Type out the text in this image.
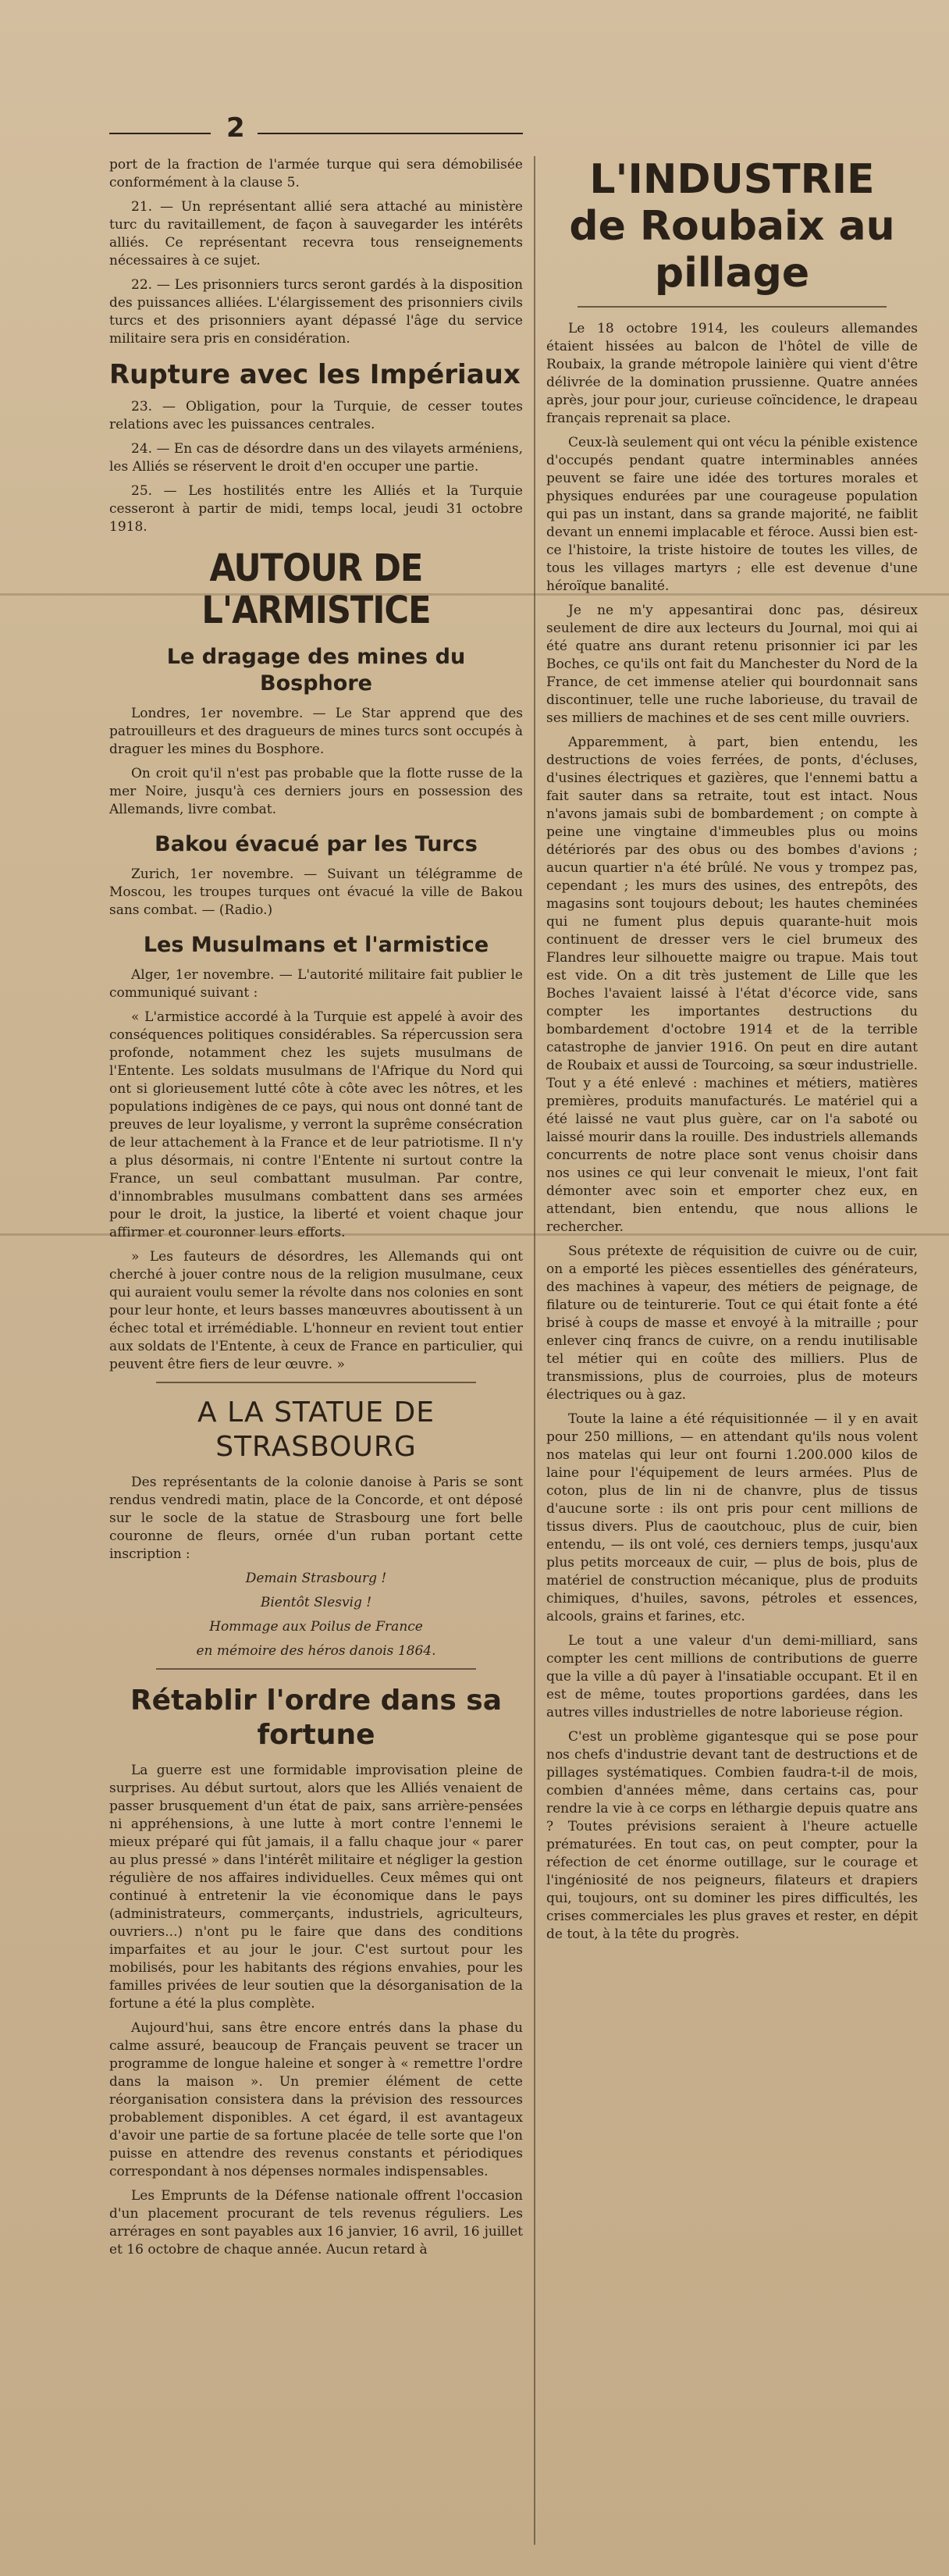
2

port de la fraction de l'armée turque qui sera démobilisée conformément à la clause 5.

21. — Un représentant allié sera attaché au ministère turc du ravitaillement, de façon à sauvegarder les intérêts alliés. Ce représentant recevra tous renseignements nécessaires à ce sujet.

22. — Les prisonniers turcs seront gardés à la disposition des puissances alliées. L'élargissement des prisonniers civils turcs et des prisonniers ayant dépassé l'âge du service militaire sera pris en considération.

Rupture avec les Impériaux

23. — Obligation, pour la Turquie, de cesser toutes relations avec les puissances centrales.

24. — En cas de désordre dans un des vilayets arméniens, les Alliés se réservent le droit d'en occuper une partie.

25. — Les hostilités entre les Alliés et la Turquie cesseront à partir de midi, temps local, jeudi 31 octobre 1918.

AUTOUR DE L'ARMISTICE
Le dragage des mines du Bosphore

Londres, 1er novembre. — Le Star apprend que des patrouilleurs et des dragueurs de mines turcs sont occupés à draguer les mines du Bosphore.

On croit qu'il n'est pas probable que la flotte russe de la mer Noire, jusqu'à ces derniers jours en possession des Allemands, livre combat.

Bakou évacué par les Turcs

Zurich, 1er novembre. — Suivant un télégramme de Moscou, les troupes turques ont évacué la ville de Bakou sans combat. — (Radio.)

Les Musulmans et l'armistice

Alger, 1er novembre. — L'autorité militaire fait publier le communiqué suivant :

« L'armistice accordé à la Turquie est appelé à avoir des conséquences politiques considérables. Sa répercussion sera profonde, notamment chez les sujets musulmans de l'Entente. Les soldats musulmans de l'Afrique du Nord qui ont si glorieusement lutté côte à côte avec les nôtres, et les populations indigènes de ce pays, qui nous ont donné tant de preuves de leur loyalisme, y verront la suprême consécration de leur attachement à la France et de leur patriotisme. Il n'y a plus désormais, ni contre l'Entente ni surtout contre la France, un seul combattant musulman. Par contre, d'innombrables musulmans combattent dans ses armées pour le droit, la justice, la liberté et voient chaque jour affirmer et couronner leurs efforts.

» Les fauteurs de désordres, les Allemands qui ont cherché à jouer contre nous de la religion musulmane, ceux qui auraient voulu semer la révolte dans nos colonies en sont pour leur honte, et leurs basses manœuvres aboutissent à un échec total et irrémédiable. L'honneur en revient tout entier aux soldats de l'Entente, à ceux de France en particulier, qui peuvent être fiers de leur œuvre. »

A LA STATUE DE STRASBOURG

Des représentants de la colonie danoise à Paris se sont rendus vendredi matin, place de la Concorde, et ont déposé sur le socle de la statue de Strasbourg une fort belle couronne de fleurs, ornée d'un ruban portant cette inscription :

Demain Strasbourg !

Bientôt Slesvig !

Hommage aux Poilus de France

en mémoire des héros danois 1864.

Rétablir l'ordre dans sa fortune

La guerre est une formidable improvisation pleine de surprises. Au début surtout, alors que les Alliés venaient de passer brusquement d'un état de paix, sans arrière-pensées ni appréhensions, à une lutte à mort contre l'ennemi le mieux préparé qui fût jamais, il a fallu chaque jour « parer au plus pressé » dans l'intérêt militaire et négliger la gestion régulière de nos affaires individuelles. Ceux mêmes qui ont continué à entretenir la vie économique dans le pays (administrateurs, commerçants, industriels, agriculteurs, ouvriers...) n'ont pu le faire que dans des conditions imparfaites et au jour le jour. C'est surtout pour les mobilisés, pour les habitants des régions envahies, pour les familles privées de leur soutien que la désorganisation de la fortune a été la plus complète.

Aujourd'hui, sans être encore entrés dans la phase du calme assuré, beaucoup de Français peuvent se tracer un programme de longue haleine et songer à « remettre l'ordre dans la maison ». Un premier élément de cette réorganisation consistera dans la prévision des ressources probablement disponibles. A cet égard, il est avantageux d'avoir une partie de sa fortune placée de telle sorte que l'on puisse en attendre des revenus constants et périodiques correspondant à nos dépenses normales indispensables.

Les Emprunts de la Défense nationale offrent l'occasion d'un placement procurant de tels revenus réguliers. Les arrérages en sont payables aux 16 janvier, 16 avril, 16 juillet et 16 octobre de chaque année. Aucun retard à

L'INDUSTRIE
de Roubaix au pillage

Le 18 octobre 1914, les couleurs allemandes étaient hissées au balcon de l'hôtel de ville de Roubaix, la grande métropole lainière qui vient d'être délivrée de la domination prussienne. Quatre années après, jour pour jour, curieuse coïncidence, le drapeau français reprenait sa place.

Ceux-là seulement qui ont vécu la pénible existence d'occupés pendant quatre interminables années peuvent se faire une idée des tortures morales et physiques endurées par une courageuse population qui pas un instant, dans sa grande majorité, ne faiblit devant un ennemi implacable et féroce. Aussi bien est-ce l'histoire, la triste histoire de toutes les villes, de tous les villages martyrs ; elle est devenue d'une héroïque banalité.

Je ne m'y appesantirai donc pas, désireux seulement de dire aux lecteurs du Journal, moi qui ai été quatre ans durant retenu prisonnier ici par les Boches, ce qu'ils ont fait du Manchester du Nord de la France, de cet immense atelier qui bourdonnait sans discontinuer, telle une ruche laborieuse, du travail de ses milliers de machines et de ses cent mille ouvriers.

Apparemment, à part, bien entendu, les destructions de voies ferrées, de ponts, d'écluses, d'usines électriques et gazières, que l'ennemi battu a fait sauter dans sa retraite, tout est intact. Nous n'avons jamais subi de bombardement ; on compte à peine une vingtaine d'immeubles plus ou moins détériorés par des obus ou des bombes d'avions ; aucun quartier n'a été brûlé. Ne vous y trompez pas, cependant ; les murs des usines, des entrepôts, des magasins sont toujours debout; les hautes cheminées qui ne fument plus depuis quarante-huit mois continuent de dresser vers le ciel brumeux des Flandres leur silhouette maigre ou trapue. Mais tout est vide. On a dit très justement de Lille que les Boches l'avaient laissé à l'état d'écorce vide, sans compter les importantes destructions du bombardement d'octobre 1914 et de la terrible catastrophe de janvier 1916. On peut en dire autant de Roubaix et aussi de Tourcoing, sa sœur industrielle. Tout y a été enlevé : machines et métiers, matières premières, produits manufacturés. Le matériel qui a été laissé ne vaut plus guère, car on l'a saboté ou laissé mourir dans la rouille. Des industriels allemands concurrents de notre place sont venus choisir dans nos usines ce qui leur convenait le mieux, l'ont fait démonter avec soin et emporter chez eux, en attendant, bien entendu, que nous allions le rechercher.

Sous prétexte de réquisition de cuivre ou de cuir, on a emporté les pièces essentielles des générateurs, des machines à vapeur, des métiers de peignage, de filature ou de teinturerie. Tout ce qui était fonte a été brisé à coups de masse et envoyé à la mitraille ; pour enlever cinq francs de cuivre, on a rendu inutilisable tel métier qui en coûte des milliers. Plus de transmissions, plus de courroies, plus de moteurs électriques ou à gaz.

Toute la laine a été réquisitionnée — il y en avait pour 250 millions, — en attendant qu'ils nous volent nos matelas qui leur ont fourni 1.200.000 kilos de laine pour l'équipement de leurs armées. Plus de coton, plus de lin ni de chanvre, plus de tissus d'aucune sorte : ils ont pris pour cent millions de tissus divers. Plus de caoutchouc, plus de cuir, bien entendu, — ils ont volé, ces derniers temps, jusqu'aux plus petits morceaux de cuir, — plus de bois, plus de matériel de construction mécanique, plus de produits chimiques, d'huiles, savons, pétroles et essences, alcools, grains et farines, etc.

Le tout a une valeur d'un demi-milliard, sans compter les cent millions de contributions de guerre que la ville a dû payer à l'insatiable occupant. Et il en est de même, toutes proportions gardées, dans les autres villes industrielles de notre laborieuse région.

C'est un problème gigantesque qui se pose pour nos chefs d'industrie devant tant de destructions et de pillages systématiques. Combien faudra-t-il de mois, combien d'années même, dans certains cas, pour rendre la vie à ce corps en léthargie depuis quatre ans ? Toutes prévisions seraient à l'heure actuelle prématurées. En tout cas, on peut compter, pour la réfection de cet énorme outillage, sur le courage et l'ingéniosité de nos peigneurs, filateurs et drapiers qui, toujours, ont su dominer les pires difficultés, les crises commerciales les plus graves et rester, en dépit de tout, à la tête du progrès.
